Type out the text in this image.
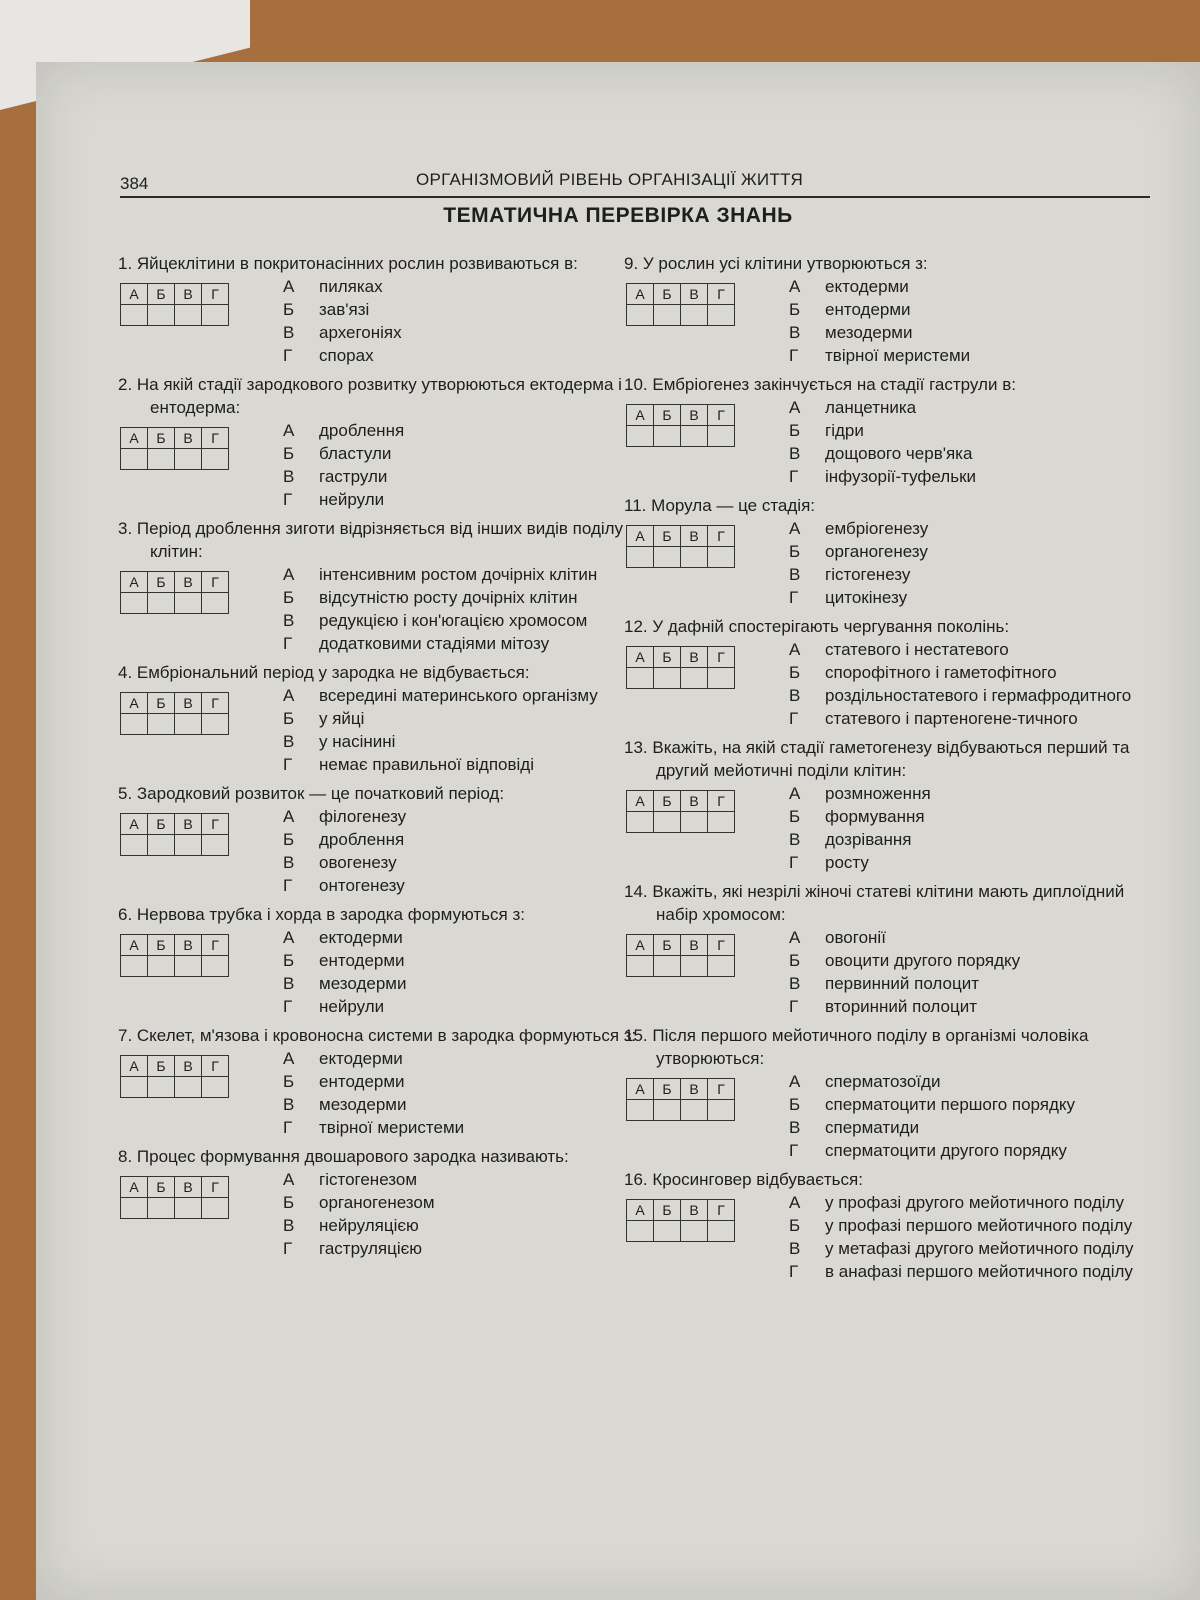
384	ОРГАНІЗМОВИЙ РІВЕНЬ ОРГАНІЗАЦІЇ ЖИТТЯ
ТЕМАТИЧНА ПЕРЕВІРКА ЗНАНЬ
1. Яйцеклітини в покритонасінних рослин розвиваються в:
А	Б	В	Г
				А	пиляках
Б	зав'язі
В	архегоніях
Г	спорах
2. На якій стадії зародкового розвитку утворюються ектодерма і ентодерма:
А	Б	В	Г
				А	дроблення
Б	бластули
В	гаструли
Г	нейрули
3. Період дроблення зиготи відрізняється від інших видів поділу клітин:
А	Б	В	Г
				А	інтенсивним ростом дочірніх клітин
Б	відсутністю росту дочірніх клітин
В	редукцією і кон'югацією хромосом
Г	додатковими стадіями мітозу
4. Ембріональний період у зародка не відбувається:
А	Б	В	Г
				А	всередині материнського організму
Б	у яйці
В	у насінині
Г	немає правильної відповіді
5. Зародковий розвиток — це початковий період:
А	Б	В	Г
				А	філогенезу
Б	дроблення
В	овогенезу
Г	онтогенезу
6. Нервова трубка і хорда в зародка формуються з:
А	Б	В	Г
				А	ектодерми
Б	ентодерми
В	мезодерми
Г	нейрули
7. Скелет, м'язова і кровоносна системи в зародка формуються з:
А	Б	В	Г
				А	ектодерми
Б	ентодерми
В	мезодерми
Г	твірної меристеми
8. Процес формування двошарового зародка називають:
А	Б	В	Г
				А	гістогенезом
Б	органогенезом
В	нейруляцією
Г	гаструляцією
9. У рослин усі клітини утворюються з:
А	Б	В	Г
				А	ектодерми
Б	ентодерми
В	мезодерми
Г	твірної меристеми
10. Ембріогенез закінчується на стадії гаструли в:
А	Б	В	Г
				А	ланцетника
Б	гідри
В	дощового черв'яка
Г	інфузорії-туфельки
11. Морула — це стадія:
А	Б	В	Г
				А	ембріогенезу
Б	органогенезу
В	гістогенезу
Г	цитокінезу
12. У дафній спостерігають чергування поколінь:
А	Б	В	Г
				А	статевого і нестатевого
Б	спорофітного і гаметофітного
В	роздільностатевого і гермафродитного
Г	статевого і партеногене-тичного
13. Вкажіть, на якій стадії гаметогенезу відбуваються перший та другий мейотичні поділи клітин:
А	Б	В	Г
				А	розмноження
Б	формування
В	дозрівання
Г	росту
14. Вкажіть, які незрілі жіночі статеві клітини мають диплоїдний набір хромосом:
А	Б	В	Г
				А	овогонії
Б	овоцити другого порядку
В	первинний полоцит
Г	вторинний полоцит
15. Після першого мейотичного поділу в організмі чоловіка утворюються:
А	Б	В	Г
				А	сперматозоїди
Б	сперматоцити першого порядку
В	сперматиди
Г	сперматоцити другого порядку
16. Кросинговер відбувається:
А	Б	В	Г
				А	у профазі другого мейотичного поділу
Б	у профазі першого мейотичного поділу
В	у метафазі другого мейотичного поділу
Г	в анафазі першого мейотичного поділу
